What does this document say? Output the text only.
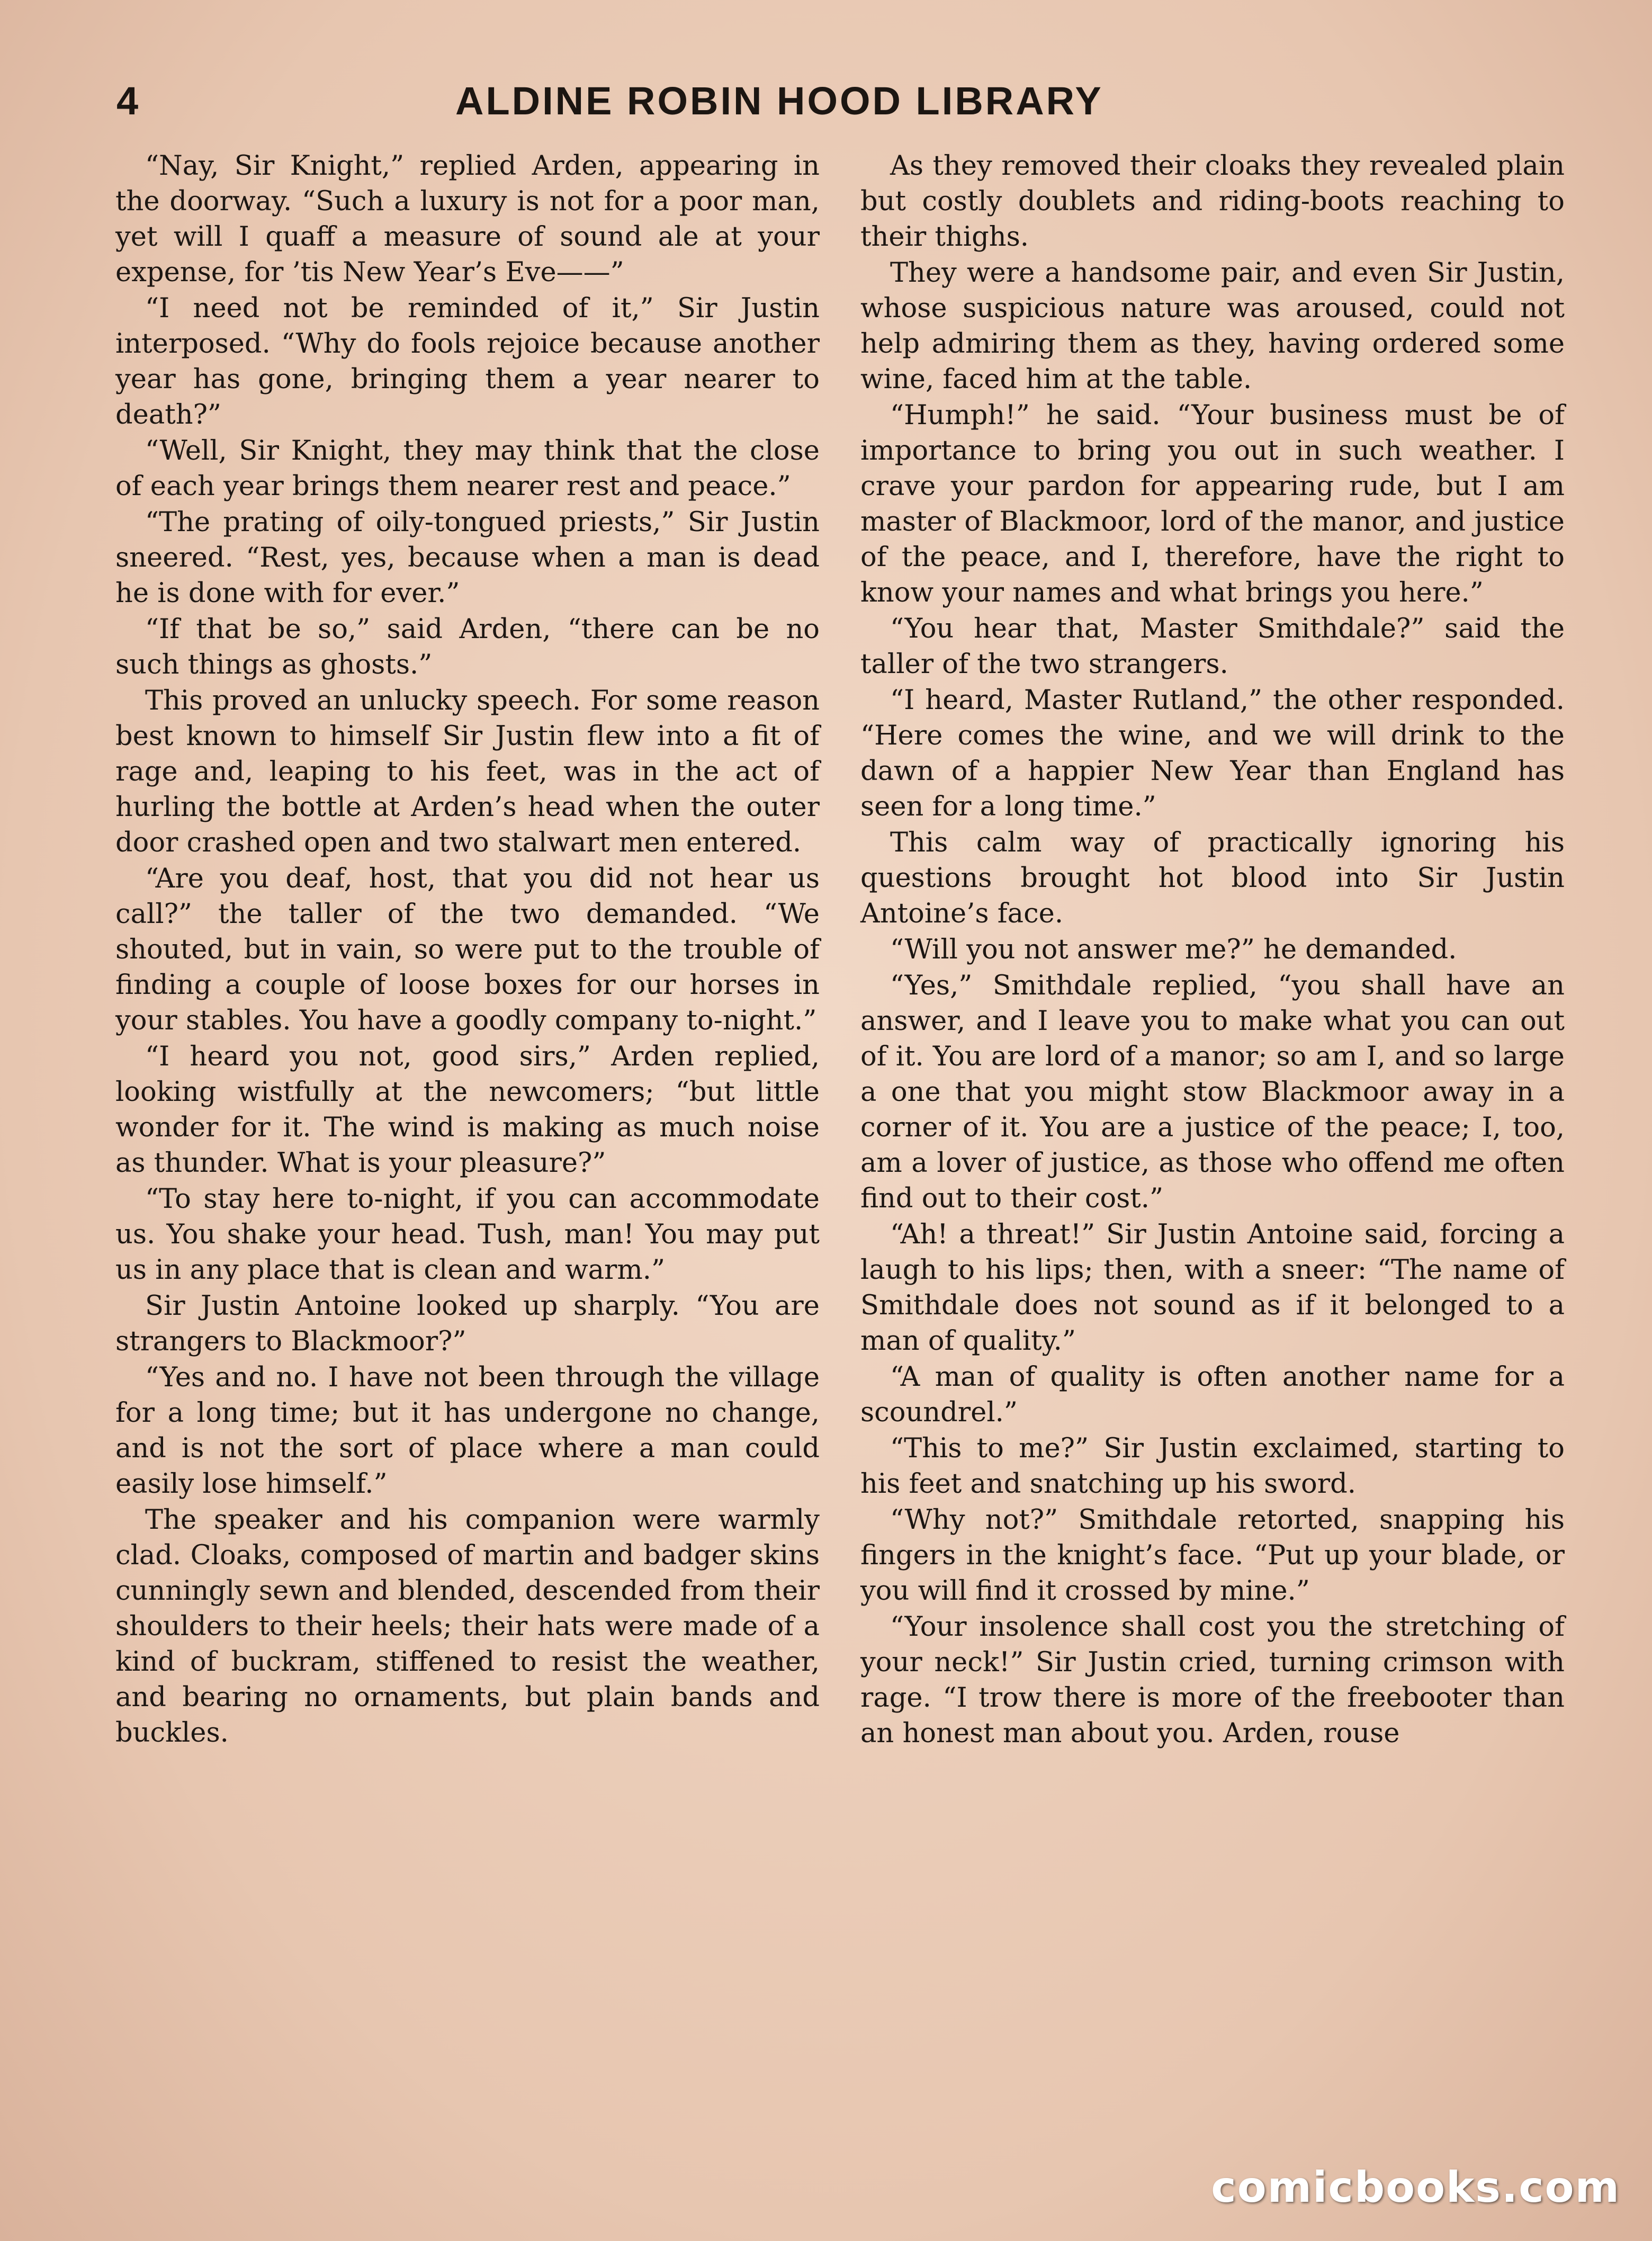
4	ALDINE ROBIN HOOD LIBRARY

“Nay, Sir Knight,” replied Arden, appearing in the doorway. “Such a luxury is not for a poor man, yet will I quaff a measure of sound ale at your expense, for ’tis New Year’s Eve——”

“I need not be reminded of it,” Sir Justin interposed. “Why do fools rejoice because another year has gone, bringing them a year nearer to death?”

“Well, Sir Knight, they may think that the close of each year brings them nearer rest and peace.”

“The prating of oily-tongued priests,” Sir Justin sneered. “Rest, yes, because when a man is dead he is done with for ever.”

“If that be so,” said Arden, “there can be no such things as ghosts.”

This proved an unlucky speech. For some reason best known to himself Sir Justin flew into a fit of rage and, leaping to his feet, was in the act of hurling the bottle at Arden’s head when the outer door crashed open and two stalwart men entered.

“Are you deaf, host, that you did not hear us call?” the taller of the two demanded. “We shouted, but in vain, so were put to the trouble of finding a couple of loose boxes for our horses in your stables. You have a goodly company to-night.”

“I heard you not, good sirs,” Arden replied, looking wistfully at the newcomers; “but little wonder for it. The wind is making as much noise as thunder. What is your pleasure?”

“To stay here to-night, if you can accommodate us. You shake your head. Tush, man! You may put us in any place that is clean and warm.”

Sir Justin Antoine looked up sharply. “You are strangers to Blackmoor?”

“Yes and no. I have not been through the village for a long time; but it has undergone no change, and is not the sort of place where a man could easily lose himself.”

The speaker and his companion were warmly clad. Cloaks, composed of martin and badger skins cunningly sewn and blended, descended from their shoulders to their heels; their hats were made of a kind of buckram, stiffened to resist the weather, and bearing no ornaments, but plain bands and buckles.

As they removed their cloaks they revealed plain but costly doublets and riding-boots reaching to their thighs.

They were a handsome pair, and even Sir Justin, whose suspicious nature was aroused, could not help admiring them as they, having ordered some wine, faced him at the table.

“Humph!” he said. “Your business must be of importance to bring you out in such weather. I crave your pardon for appearing rude, but I am master of Blackmoor, lord of the manor, and justice of the peace, and I, therefore, have the right to know your names and what brings you here.”

“You hear that, Master Smithdale?” said the taller of the two strangers.

“I heard, Master Rutland,” the other responded. “Here comes the wine, and we will drink to the dawn of a happier New Year than England has seen for a long time.”

This calm way of practically ignoring his questions brought hot blood into Sir Justin Antoine’s face.

“Will you not answer me?” he demanded.

“Yes,” Smithdale replied, “you shall have an answer, and I leave you to make what you can out of it. You are lord of a manor; so am I, and so large a one that you might stow Blackmoor away in a corner of it. You are a justice of the peace; I, too, am a lover of justice, as those who offend me often find out to their cost.”

“Ah! a threat!” Sir Justin Antoine said, forcing a laugh to his lips; then, with a sneer: “The name of Smithdale does not sound as if it belonged to a man of quality.”

“A man of quality is often another name for a scoundrel.”

“This to me?” Sir Justin exclaimed, starting to his feet and snatching up his sword.

“Why not?” Smithdale retorted, snapping his fingers in the knight’s face. “Put up your blade, or you will find it crossed by mine.”

“Your insolence shall cost you the stretching of your neck!” Sir Justin cried, turning crimson with rage. “I trow there is more of the freebooter than an honest man about you. Arden, rouse

comicbooks.com
